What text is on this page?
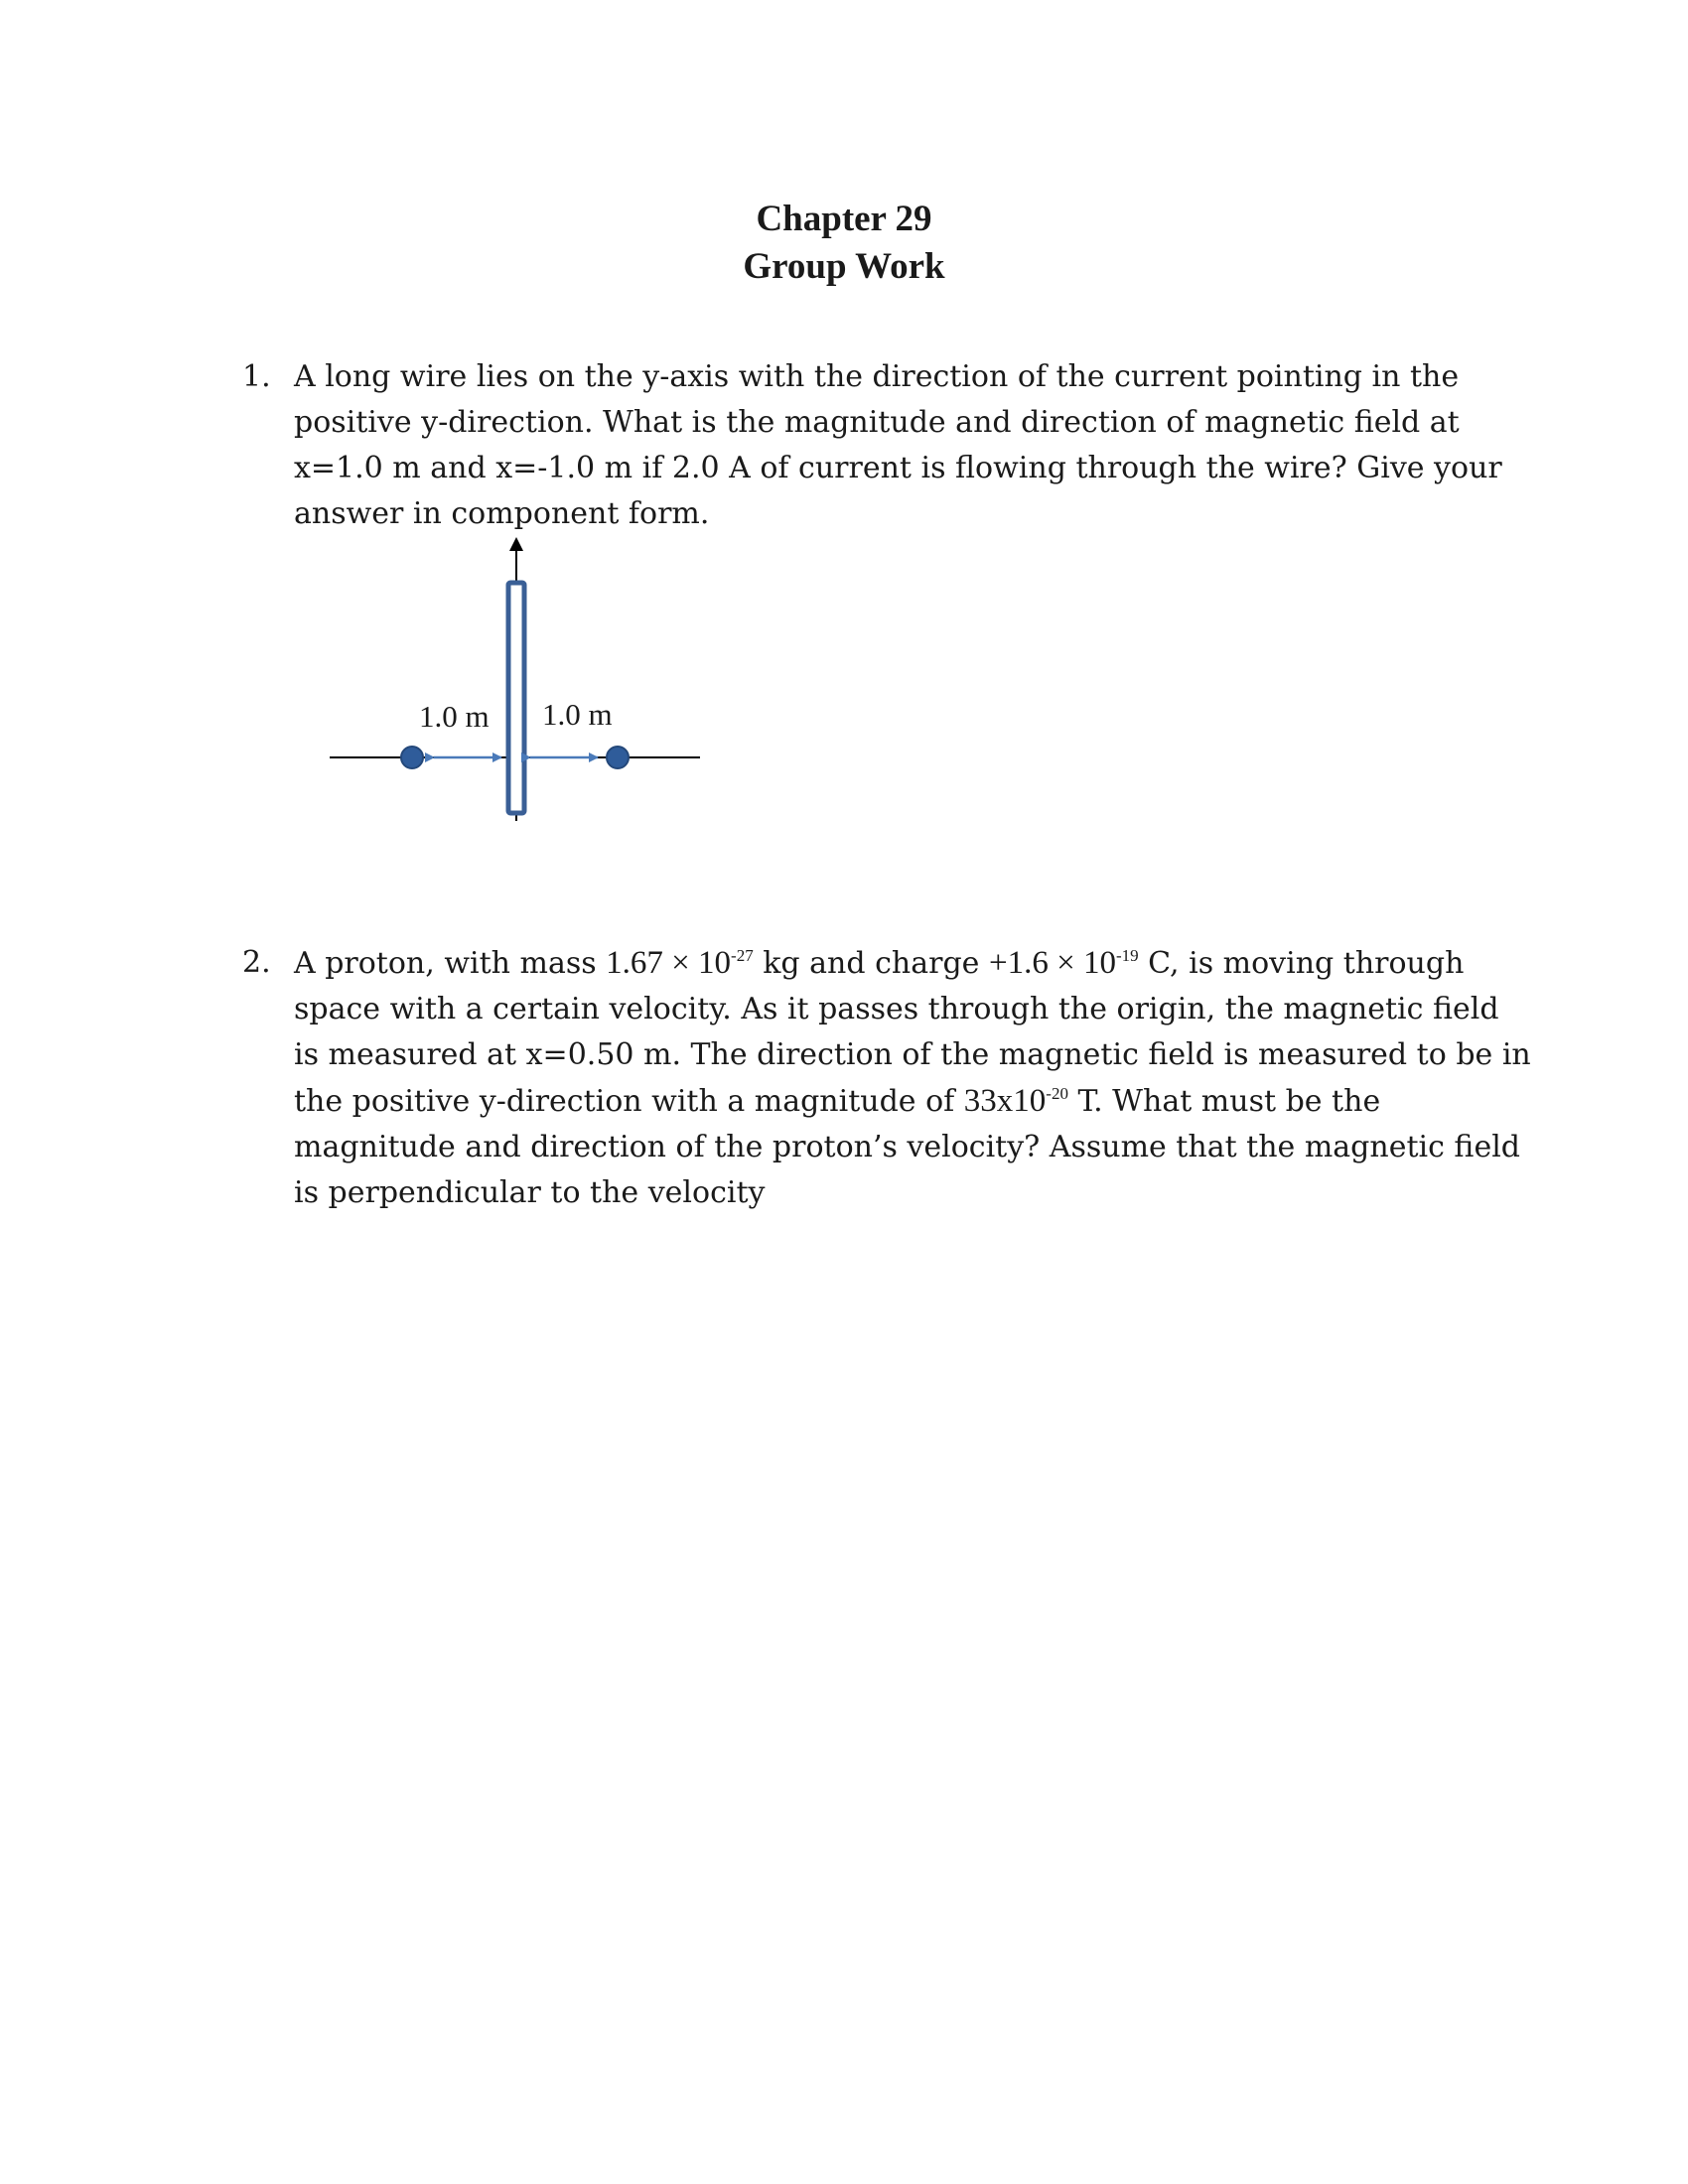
Chapter 29
Group Work
1. A long wire lies on the y-axis with the direction of the current pointing in the
positive y-direction. What is the magnitude and direction of magnetic field at
x=1.0 m and x=-1.0 m if 2.0 A of current is flowing through the wire? Give your
answer in component form.
1.0 m 1.0 m
2. A proton, with mass $1.67 \times 10^{-27}$ kg and charge $+1.6 \times 10^{-19}$ C, is moving through
space with a certain velocity. As it passes through the origin, the magnetic field
is measured at x=0.50 m. The direction of the magnetic field is measured to be in
the positive y-direction with a magnitude of $33x10^{-20}$ T. What must be the
magnitude and direction of the proton’s velocity? Assume that the magnetic field
is perpendicular to the velocity
